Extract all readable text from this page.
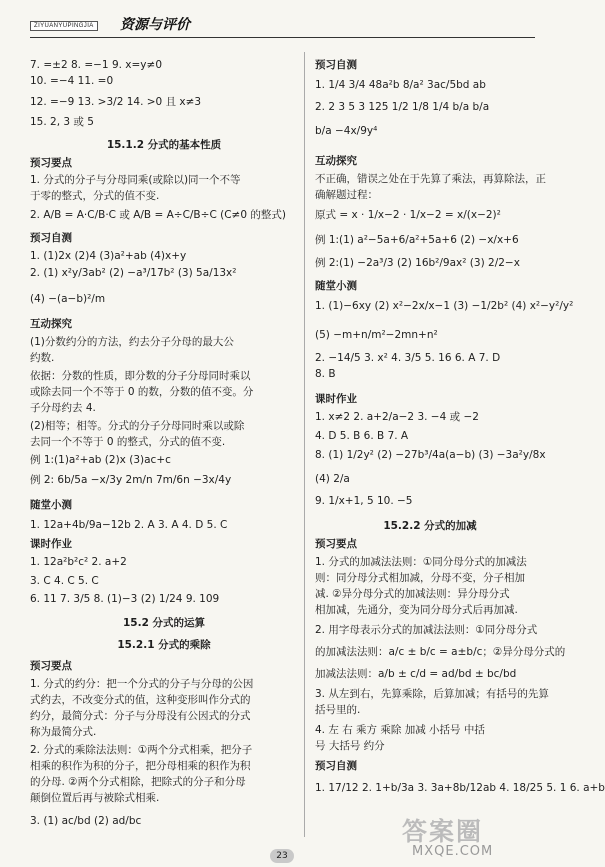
ZIYUANYUPINGJIA 资源与评价
7. =±2 8. =−1 9. x=y≠0
10. =−4 11. =0
12. =−9 13. >3/2 14. >0 且 x≠3
15. 2, 3 或 5
15.1.2 分式的基本性质
预习要点
1. 分式的分子与分母同乘(或除以)同一个不等
于零的整式，分式的值不变.
2. A/B = A·C/B·C 或 A/B = A÷C/B÷C (C≠0 的整式)
预习自测
1. (1)2x (2)4 (3)a²+ab (4)x+y
2. (1) x²y/3ab² (2) −a³/17b² (3) 5a/13x²
(4) −(a−b)²/m
互动探究
(1)分数约分的方法，约去分子分母的最大公
约数.
依据：分数的性质，即分数的分子分母同时乘以
或除去同一个不等于 0 的数，分数的值不变。分
子分母约去 4.
(2)相等；相等。分式的分子分母同时乘以或除
去同一个不等于 0 的整式，分式的值不变.
例 1:(1)a²+ab (2)x (3)ac+c
例 2: 6b/5a −x/3y 2m/n 7m/6n −3x/4y
随堂小测
1. 12a+4b/9a−12b 2. A 3. A 4. D 5. C
课时作业
1. 12a²b²c² 2. a+2
3. C 4. C 5. C
6. 11 7. 3/5 8. (1)−3 (2) 1/24 9. 109
15.2 分式的运算
15.2.1 分式的乘除
预习要点
1. 分式的约分：把一个分式的分子与分母的公因
式约去，不改变分式的值，这种变形叫作分式的
约分，最简分式：分子与分母没有公因式的分式
称为最简分式.
2. 分式的乘除法法则：①两个分式相乘，把分子
相乘的积作为积的分子，把分母相乘的积作为积
的分母. ②两个分式相除，把除式的分子和分母
颠倒位置后再与被除式相乘.
3. (1) ac/bd (2) ad/bc
预习自测
1. 1/4 3/4 48a²b 8/a² 3ac/5bd ab
2. 2 3 5 3 125 1/2 1/8 1/4 b/a b/a
b/a −4x/9y⁴
互动探究
不正确，错误之处在于先算了乘法，再算除法，正
确解题过程：
原式 = x · 1/x−2 · 1/x−2 = x/(x−2)²
例 1:(1) a²−5a+6/a²+5a+6 (2) −x/x+6
例 2:(1) −2a³/3 (2) 16b²/9ax² (3) 2/2−x
随堂小测
1. (1)−6xy (2) x²−2x/x−1 (3) −1/2b² (4) x²−y²/y²
(5) −m+n/m²−2mn+n²
2. −14/5 3. x² 4. 3/5 5. 16 6. A 7. D
8. B
课时作业
1. x≠2 2. a+2/a−2 3. −4 或 −2
4. D 5. B 6. B 7. A
8. (1) 1/2y² (2) −27b³/4a(a−b) (3) −3a²y/8x
(4) 2/a
9. 1/x+1, 5 10. −5
15.2.2 分式的加减
预习要点
1. 分式的加减法法则：①同分母分式的加减法
则：同分母分式相加减，分母不变，分子相加
减. ②异分母分式的加减法则：异分母分式
相加减，先通分，变为同分母分式后再加减.
2. 用字母表示分式的加减法法则：①同分母分式
的加减法法则：a/c ± b/c = a±b/c；②异分母分式的
加减法法则：a/b ± c/d = ad/bd ± bc/bd
3. 从左到右，先算乘除，后算加减；有括号的先算
括号里的.
4. 左 右 乘方 乘除 加减 小括号 中括
号 大括号 约分
预习自测
1. 17/12 2. 1+b/3a 3. 3a+8b/12ab 4. 18/25 5. 1 6. a+b
答案圈
MXQE.COM
23
